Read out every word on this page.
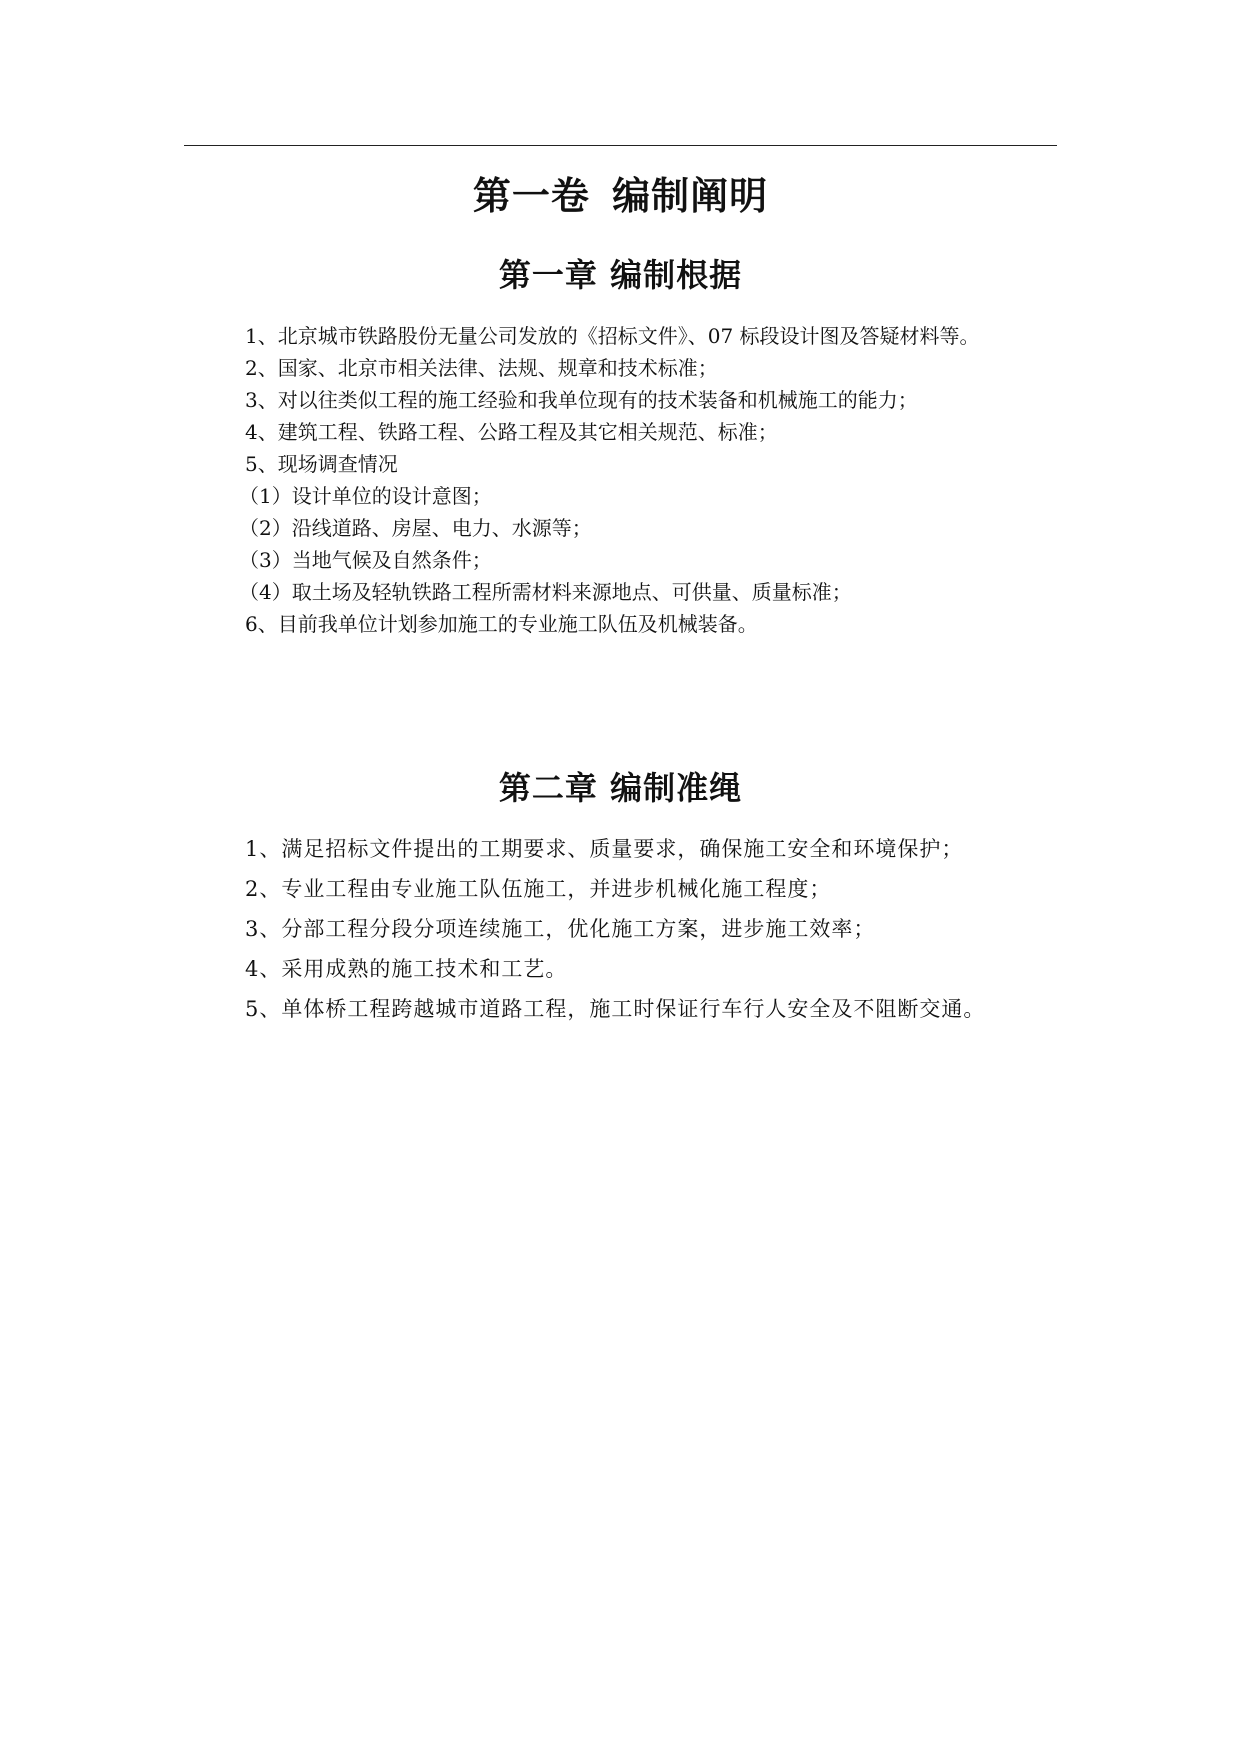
第一卷 编制阐明
第一章 编制根据
1、北京城市铁路股份无量公司发放的《招标文件》、07 标段设计图及答疑材料等。
2、国家、北京市相关法律、法规、规章和技术标准；
3、对以往类似工程的施工经验和我单位现有的技术装备和机械施工的能力；
4、建筑工程、铁路工程、公路工程及其它相关规范、标准；
5、现场调查情况
（1）设计单位的设计意图；
（2）沿线道路、房屋、电力、水源等；
（3）当地气候及自然条件；
（4）取土场及轻轨铁路工程所需材料来源地点、可供量、质量标准；
6、目前我单位计划参加施工的专业施工队伍及机械装备。
第二章 编制准绳
1、满足招标文件提出的工期要求、质量要求，确保施工安全和环境保护；
2、专业工程由专业施工队伍施工，并进步机械化施工程度；
3、分部工程分段分项连续施工，优化施工方案，进步施工效率；
4、采用成熟的施工技术和工艺。
5、单体桥工程跨越城市道路工程，施工时保证行车行人安全及不阻断交通。
